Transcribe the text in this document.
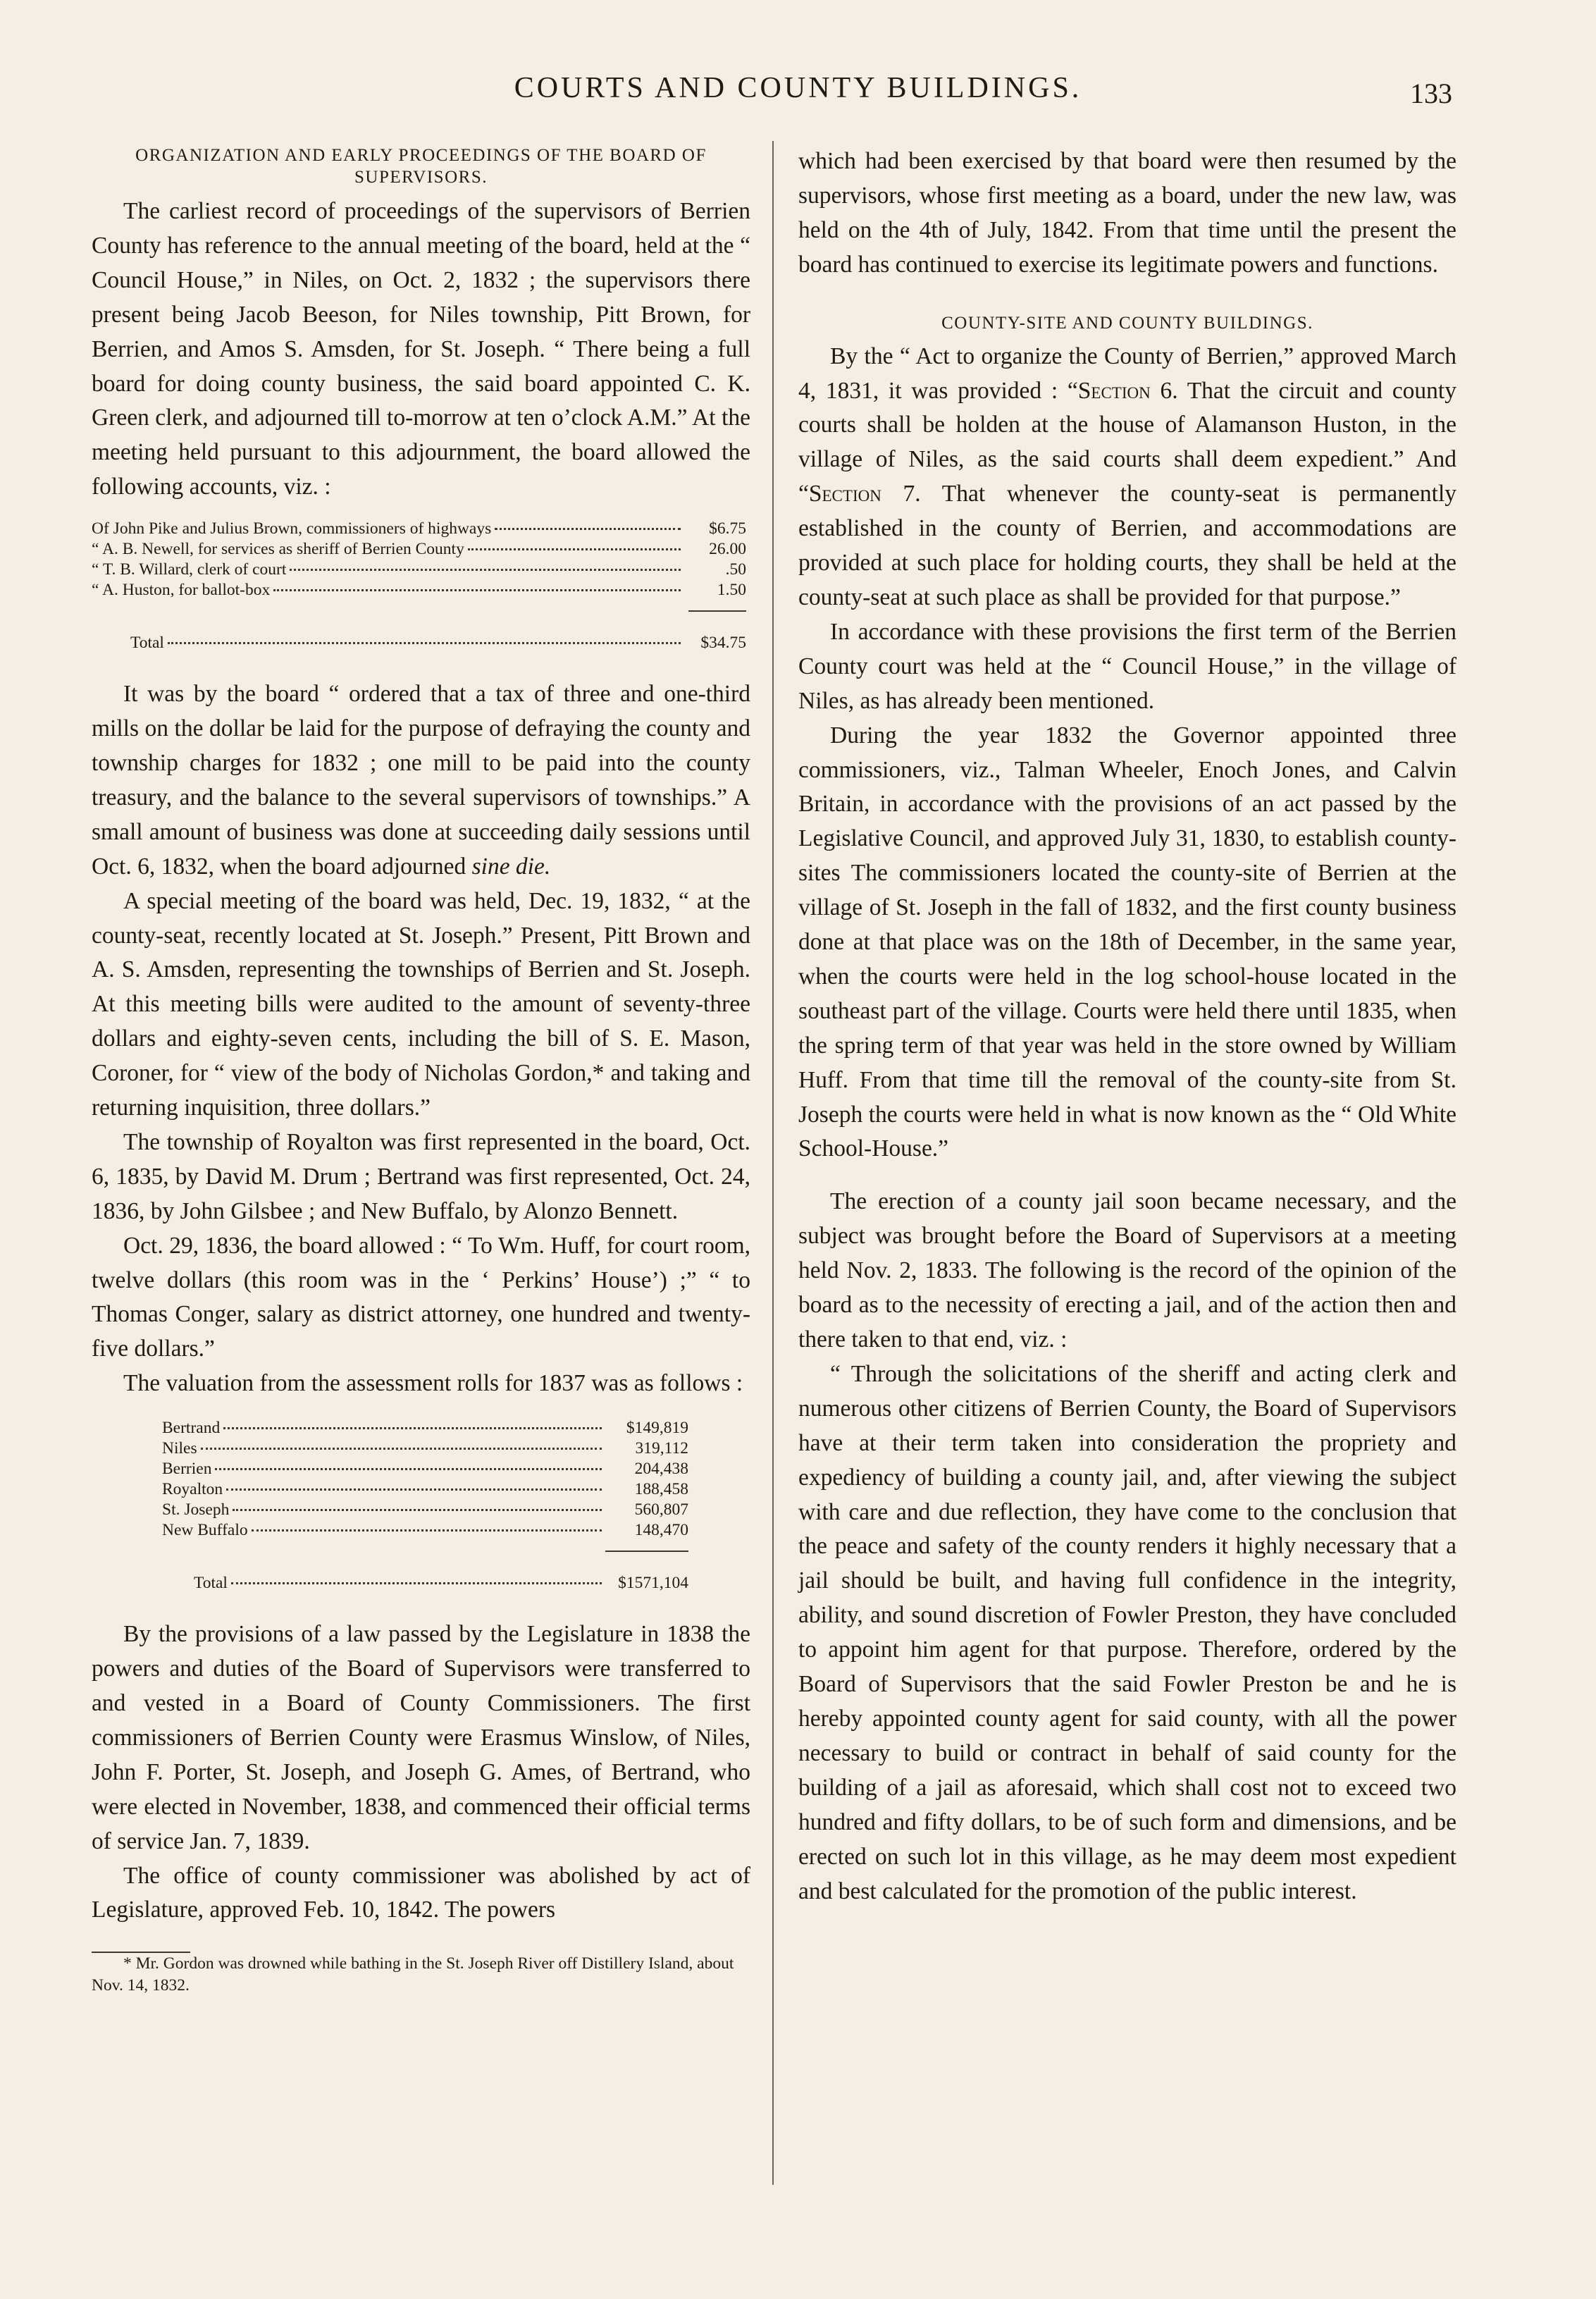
COURTS AND COUNTY BUILDINGS.	133
ORGANIZATION AND EARLY PROCEEDINGS OF THE BOARD OF SUPERVISORS.

The carliest record of proceedings of the supervisors of Berrien County has reference to the annual meeting of the board, held at the “ Council House,” in Niles, on Oct. 2, 1832 ; the supervisors there present being Jacob Beeson, for Niles township, Pitt Brown, for Berrien, and Amos S. Amsden, for St. Joseph. “ There being a full board for doing county business, the said board appointed C. K. Green clerk, and adjourned till to-morrow at ten o’clock A.M.” At the meeting held pursuant to this adjournment, the board allowed the following accounts, viz. :

Of John Pike and Julius Brown, commissioners of highways	$6.75
“ A. B. Newell, for services as sheriff of Berrien County	26.00
“ T. B. Willard, clerk of court	.50
“ A. Huston, for ballot-box	1.50
Total	$34.75

It was by the board “ ordered that a tax of three and one-third mills on the dollar be laid for the purpose of defraying the county and township charges for 1832 ; one mill to be paid into the county treasury, and the balance to the several supervisors of townships.” A small amount of business was done at succeeding daily sessions until Oct. 6, 1832, when the board adjourned sine die.

A special meeting of the board was held, Dec. 19, 1832, “ at the county-seat, recently located at St. Joseph.” Present, Pitt Brown and A. S. Amsden, representing the townships of Berrien and St. Joseph. At this meeting bills were audited to the amount of seventy-three dollars and eighty-seven cents, including the bill of S. E. Mason, Coroner, for “ view of the body of Nicholas Gordon,* and taking and returning inquisition, three dollars.”

The township of Royalton was first represented in the board, Oct. 6, 1835, by David M. Drum ; Bertrand was first represented, Oct. 24, 1836, by John Gilsbee ; and New Buffalo, by Alonzo Bennett.

Oct. 29, 1836, the board allowed : “ To Wm. Huff, for court room, twelve dollars (this room was in the ‘ Perkins’ House’) ;” “ to Thomas Conger, salary as district attorney, one hundred and twenty-five dollars.”

The valuation from the assessment rolls for 1837 was as follows :

Bertrand	$149,819
Niles	319,112
Berrien	204,438
Royalton	188,458
St. Joseph	560,807
New Buffalo	148,470
Total	$1571,104

By the provisions of a law passed by the Legislature in 1838 the powers and duties of the Board of Supervisors were transferred to and vested in a Board of County Commissioners. The first commissioners of Berrien County were Erasmus Winslow, of Niles, John F. Porter, St. Joseph, and Joseph G. Ames, of Bertrand, who were elected in November, 1838, and commenced their official terms of service Jan. 7, 1839.

The office of county commissioner was abolished by act of Legislature, approved Feb. 10, 1842. The powers

* Mr. Gordon was drowned while bathing in the St. Joseph River off Distillery Island, about Nov. 14, 1832.

which had been exercised by that board were then resumed by the supervisors, whose first meeting as a board, under the new law, was held on the 4th of July, 1842. From that time until the present the board has continued to exercise its legitimate powers and functions.

COUNTY-SITE AND COUNTY BUILDINGS.

By the “ Act to organize the County of Berrien,” approved March 4, 1831, it was provided : “Section 6. That the circuit and county courts shall be holden at the house of Alamanson Huston, in the village of Niles, as the said courts shall deem expedient.” And “Section 7. That whenever the county-seat is permanently established in the county of Berrien, and accommodations are provided at such place for holding courts, they shall be held at the county-seat at such place as shall be provided for that purpose.”

In accordance with these provisions the first term of the Berrien County court was held at the “ Council House,” in the village of Niles, as has already been mentioned.

During the year 1832 the Governor appointed three commissioners, viz., Talman Wheeler, Enoch Jones, and Calvin Britain, in accordance with the provisions of an act passed by the Legislative Council, and approved July 31, 1830, to establish county-sites The commissioners located the county-site of Berrien at the village of St. Joseph in the fall of 1832, and the first county business done at that place was on the 18th of December, in the same year, when the courts were held in the log school-house located in the southeast part of the village. Courts were held there until 1835, when the spring term of that year was held in the store owned by William Huff. From that time till the removal of the county-site from St. Joseph the courts were held in what is now known as the “ Old White School-House.”

The erection of a county jail soon became necessary, and the subject was brought before the Board of Supervisors at a meeting held Nov. 2, 1833. The following is the record of the opinion of the board as to the necessity of erecting a jail, and of the action then and there taken to that end, viz. :

“ Through the solicitations of the sheriff and acting clerk and numerous other citizens of Berrien County, the Board of Supervisors have at their term taken into consideration the propriety and expediency of building a county jail, and, after viewing the subject with care and due reflection, they have come to the conclusion that the peace and safety of the county renders it highly necessary that a jail should be built, and having full confidence in the integrity, ability, and sound discretion of Fowler Preston, they have concluded to appoint him agent for that purpose. Therefore, ordered by the Board of Supervisors that the said Fowler Preston be and he is hereby appointed county agent for said county, with all the power necessary to build or contract in behalf of said county for the building of a jail as aforesaid, which shall cost not to exceed two hundred and fifty dollars, to be of such form and dimensions, and be erected on such lot in this village, as he may deem most expedient and best calculated for the promotion of the public interest.
